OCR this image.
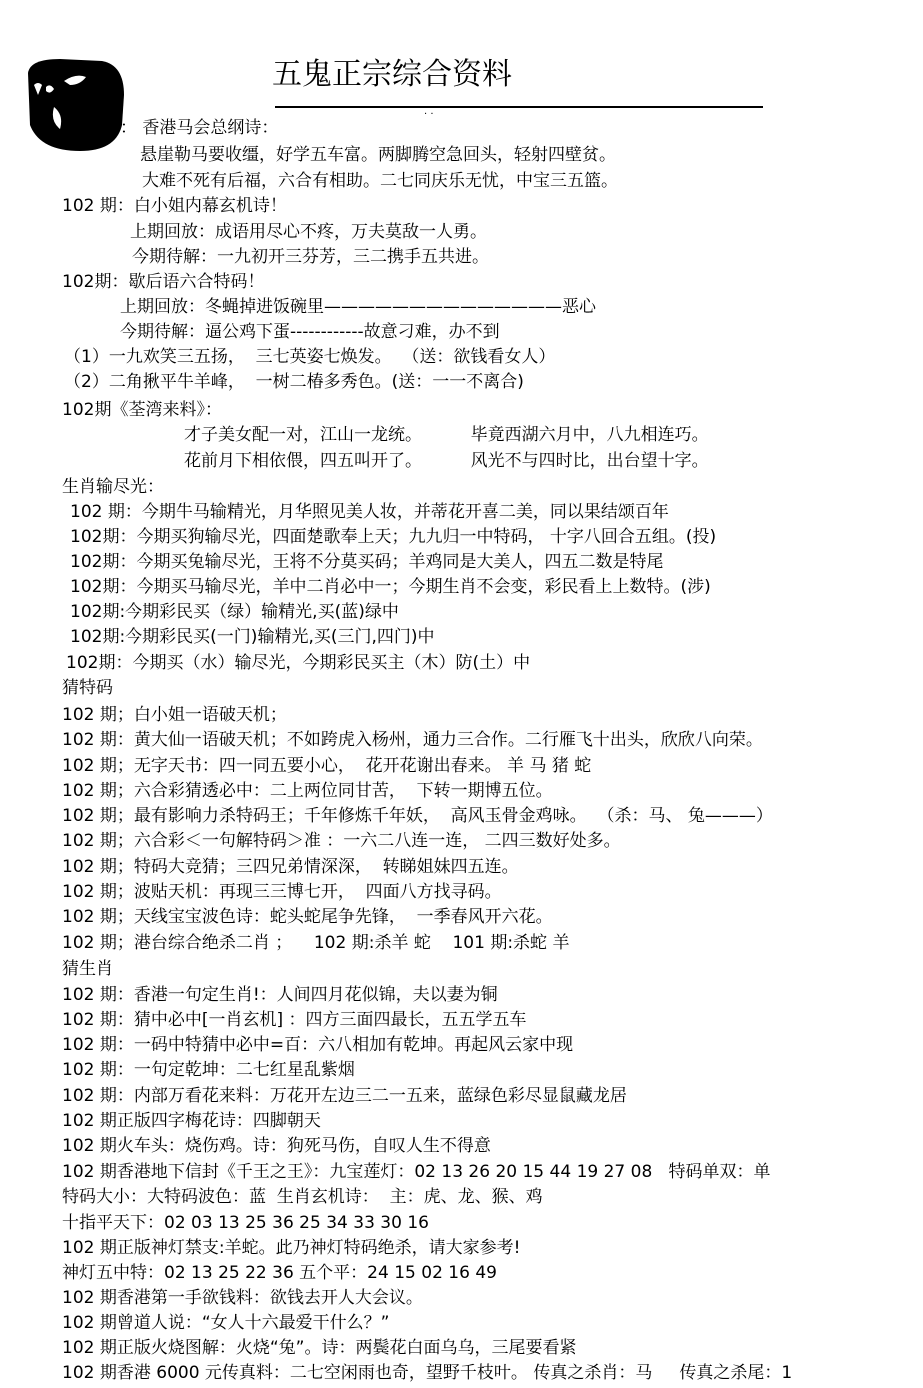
五鬼正宗综合资料
· ·
： 香港马会总纲诗：
悬崖勒马要收缰，好学五车富。两脚腾空急回头，轻射四壁贫。
大难不死有后福，六合有相助。二七同庆乐无忧，中宝三五篮。
102 期：白小姐内幕玄机诗！
上期回放：成语用尽心不疼，万夫莫敌一人勇。
今期待解：一九初开三芬芳，三二携手五共进。
102期：歇后语六合特码！
上期回放：冬蝇掉进饭碗里——————————————恶心
今期待解：逼公鸡下蛋------------故意刁难，办不到
（1）一九欢笑三五扬，  三七英姿七焕发。  （送：欲钱看女人）
（2）二角揪平牛羊峰，  一树二椿多秀色。(送：一一不离合)
102期《荃湾来料》：
才子美女配一对，江山一龙统。         毕竟西湖六月中，八九相连巧。
花前月下相依偎，四五叫开了。         风光不与四时比，出台望十字。
生肖输尽光：
102 期：今期牛马输精光，月华照见美人妆，并蒂花开喜二美，同以果结颂百年
102期：今期买狗输尽光，四面楚歌奉上天；九九归一中特码， 十字八回合五组。(投)
102期：今期买兔输尽光，王将不分莫买码；羊鸡同是大美人，四五二数是特尾
102期：今期买马输尽光，羊中二肖必中一；今期生肖不会变，彩民看上上数特。(涉)
102期:今期彩民买（绿）输精光,买(蓝)绿中
102期:今期彩民买(一门)输精光,买(三门,四门)中
102期：今期买（水）输尽光，今期彩民买主（木）防(土）中
猜特码
102 期；白小姐一语破天机；
102 期：黄大仙一语破天机；不如跨虎入杨州，通力三合作。二行雁飞十出头，欣欣八向荣。
102 期；无字天书：四一同五要小心，  花开花谢出春来。 羊 马 猪 蛇
102 期；六合彩猜透必中：二上两位同甘苦，  下转一期博五位。
102 期；最有影响力杀特码王；千年修炼千年妖，  高风玉骨金鸡咏。  （杀：马、 兔———）
102 期；六合彩＜一句解特码＞准 ：一六二八连一连， 二四三数好处多。
102 期；特码大竞猜；三四兄弟情深深，  转睇姐妹四五连。
102 期；波贴天机：再现三三博七开，  四面八方找寻码。
102 期；天线宝宝波色诗：蛇头蛇尾争先锋，  一季春风开六花。
102 期；港台综合绝杀二肖 ；    102 期:杀羊 蛇    101 期:杀蛇 羊
猜生肖
102 期：香港一句定生肖!：人间四月花似锦，夫以妻为铜
102 期：猜中必中[一肖玄机] ：四方三面四最长，五五学五车
102 期：一码中特猜中必中=百：六八相加有乾坤。再起风云家中现
102 期：一句定乾坤：二七红星乱紫烟
102 期：内部万看花来料：万花开左边三二一五来，蓝绿色彩尽显鼠藏龙居
102 期正版四字梅花诗：四脚朝天
102 期火车头：烧伤鸡。诗：狗死马伤，自叹人生不得意
102 期香港地下信封《千王之王》：九宝莲灯：02 13 26 20 15 44 19 27 08   特码单双：单
特码大小：大特码波色：蓝  生肖玄机诗：  主：虎、龙、猴、鸡
十指平天下：02 03 13 25 36 25 34 33 30 16
102 期正版神灯禁支:羊蛇。此乃神灯特码绝杀，请大家参考!
神灯五中特：02 13 25 22 36 五个平：24 15 02 16 49
102 期香港第一手欲钱料：欲钱去开人大会议。
102 期曾道人说：“女人十六最爱干什么？”
102 期正版火烧图解：火烧“兔”。诗：两鬓花白面乌乌，三尾要看紧
102 期香港 6000 元传真料：二七空闲雨也奇，望野千枝叶。 传真之杀肖：马     传真之杀尾：1
